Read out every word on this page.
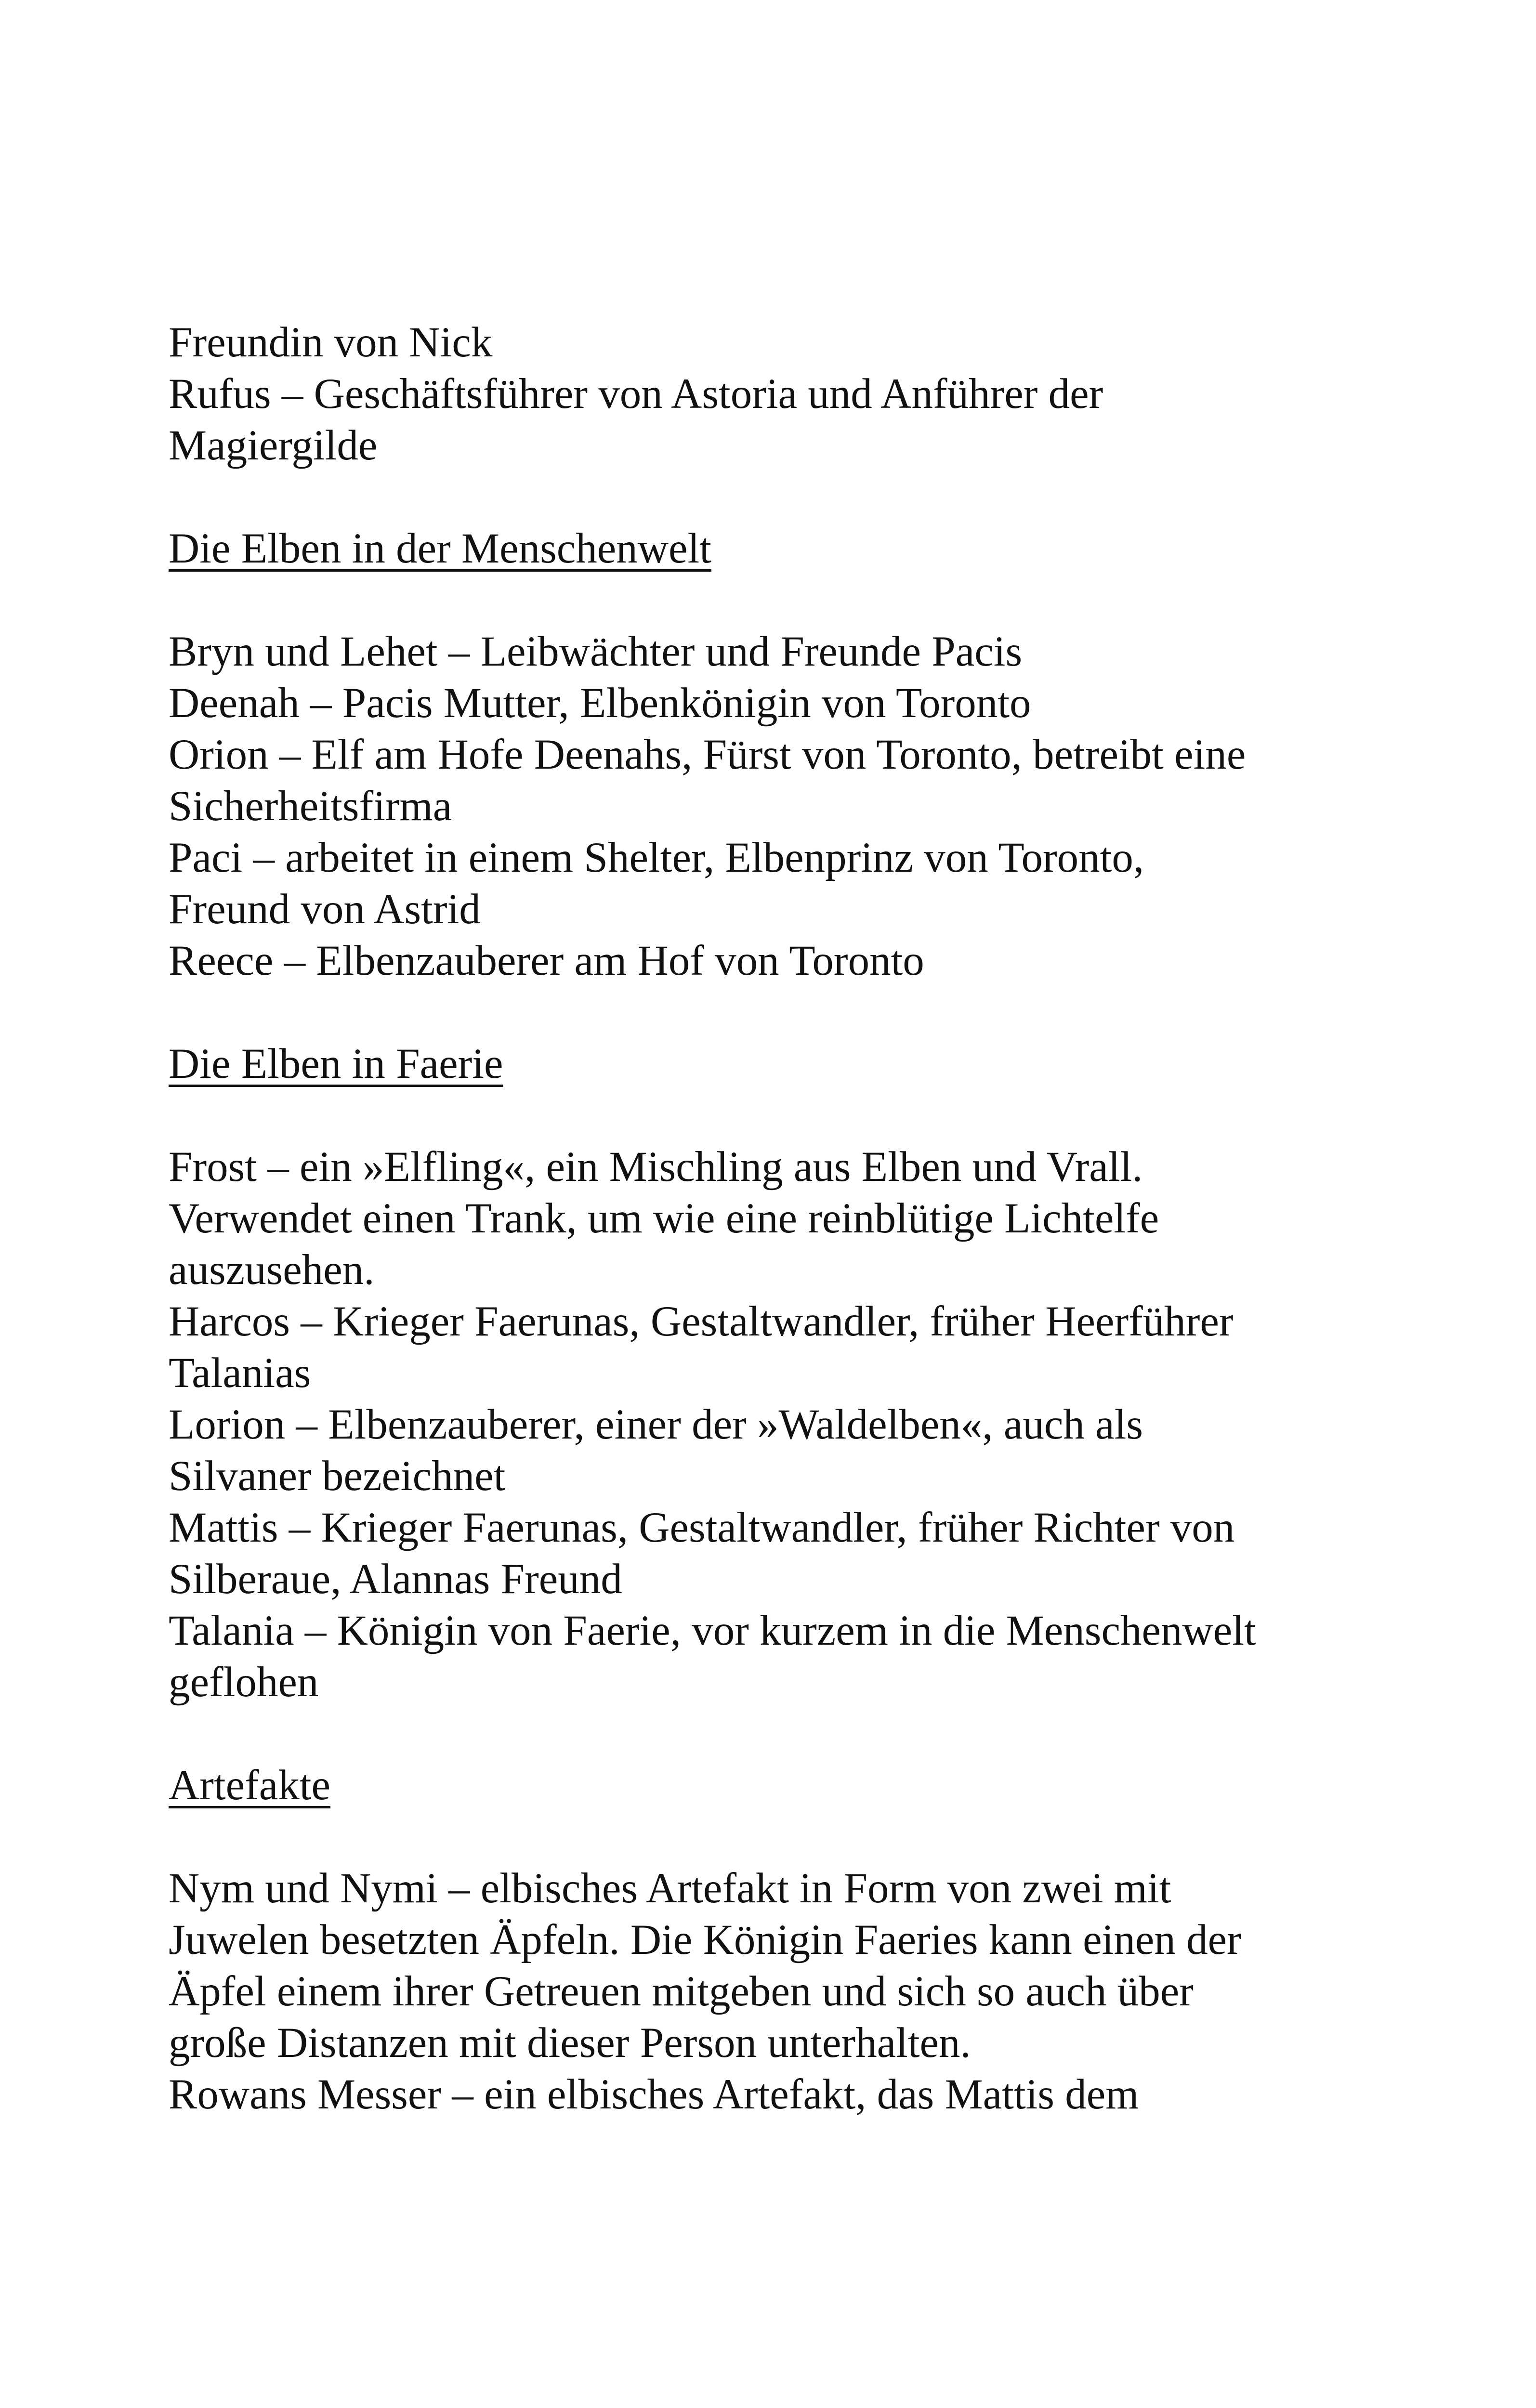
Freundin von Nick
Rufus – Geschäftsführer von Astoria und Anführer der
Magiergilde
Die Elben in der Menschenwelt
Bryn und Lehet – Leibwächter und Freunde Pacis
Deenah – Pacis Mutter, Elbenkönigin von Toronto
Orion – Elf am Hofe Deenahs, Fürst von Toronto, betreibt eine
Sicherheitsfirma
Paci – arbeitet in einem Shelter, Elbenprinz von Toronto,
Freund von Astrid
Reece – Elbenzauberer am Hof von Toronto
Die Elben in Faerie
Frost – ein »Elfling«, ein Mischling aus Elben und Vrall.
Verwendet einen Trank, um wie eine reinblütige Lichtelfe
auszusehen.
Harcos – Krieger Faerunas, Gestaltwandler, früher Heerführer
Talanias
Lorion – Elbenzauberer, einer der »Waldelben«, auch als
Silvaner bezeichnet
Mattis – Krieger Faerunas, Gestaltwandler, früher Richter von
Silberaue, Alannas Freund
Talania – Königin von Faerie, vor kurzem in die Menschenwelt
geflohen
Artefakte
Nym und Nymi – elbisches Artefakt in Form von zwei mit
Juwelen besetzten Äpfeln. Die Königin Faeries kann einen der
Äpfel einem ihrer Getreuen mitgeben und sich so auch über
große Distanzen mit dieser Person unterhalten.
Rowans Messer – ein elbisches Artefakt, das Mattis dem
